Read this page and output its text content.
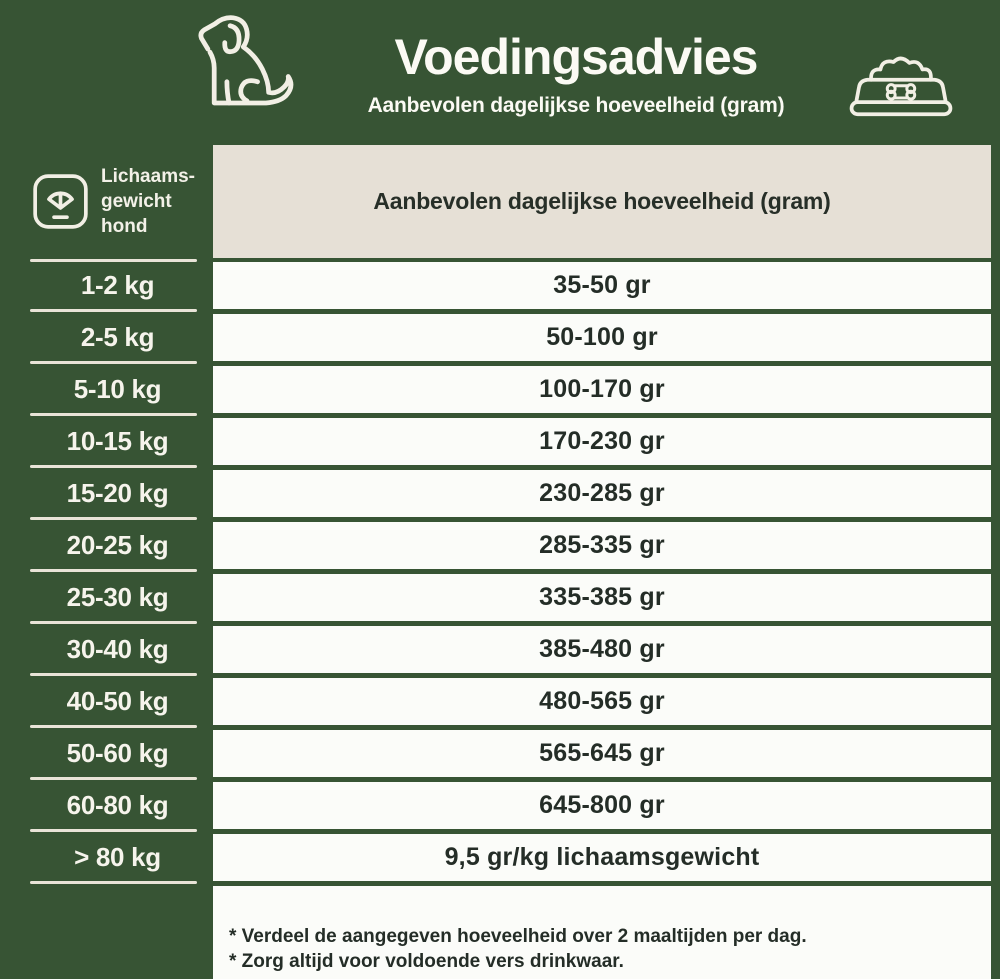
Voedingsadvies
Aanbevolen dagelijkse hoeveelheid (gram)
Lichaams-
gewicht
hond
Aanbevolen dagelijkse hoeveelheid (gram)
1-2 kg	35-50 gr
2-5 kg	50-100 gr
5-10 kg	100-170 gr
10-15 kg	170-230 gr
15-20 kg	230-285 gr
20-25 kg	285-335 gr
25-30 kg	335-385 gr
30-40 kg	385-480 gr
40-50 kg	480-565 gr
50-60 kg	565-645 gr
60-80 kg	645-800 gr
> 80 kg	9,5 gr/kg lichaamsgewicht

* Verdeel de aangegeven hoeveelheid over 2 maaltijden per dag.

* Zorg altijd voor voldoende vers drinkwaar.
